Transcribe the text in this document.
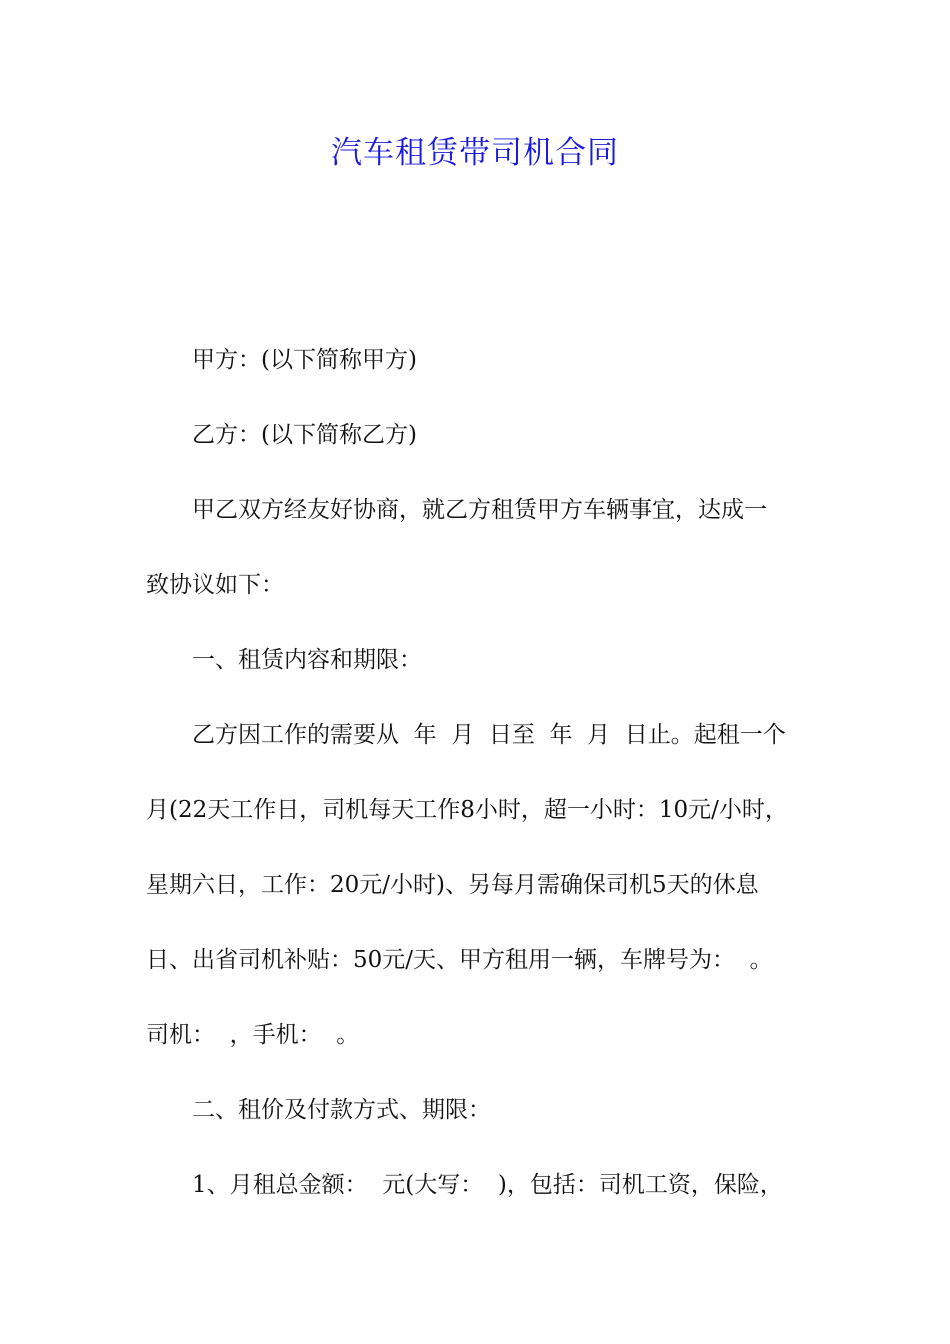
汽车租赁带司机合同

甲方：(以下简称甲方)

乙方：(以下简称乙方)

甲乙双方经友好协商，就乙方租赁甲方车辆事宜，达成一

致协议如下：

一、租赁内容和期限：

乙方因工作的需要从  年  月  日至  年  月  日止。起租一个

月(22天工作日，司机每天工作8小时，超一小时：10元/小时，

星期六日，工作：20元/小时)、另每月需确保司机5天的休息

日、出省司机补贴：50元/天、甲方租用一辆，车牌号为：  。

司机：  ，手机：  。

二、租价及付款方式、期限：

1、月租总金额：  元(大写：  )，包括：司机工资，保险，
